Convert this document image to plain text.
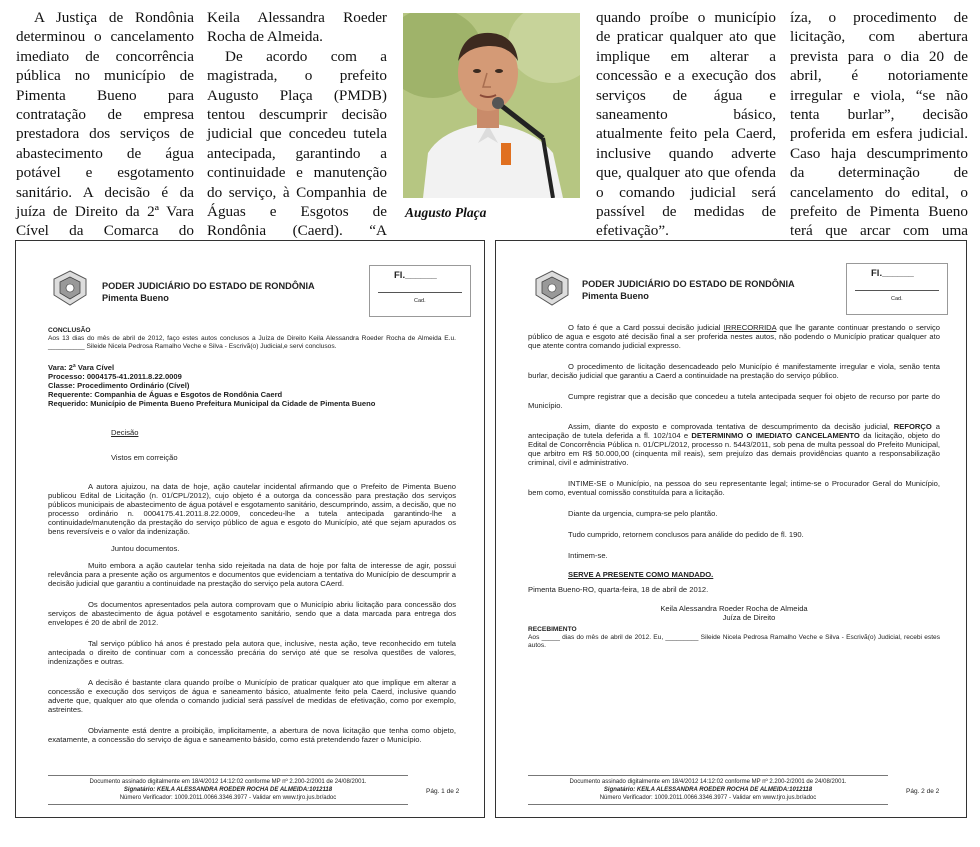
A Justiça de Rondônia determinou o cancelamento imediato de concorrência pública no município de Pimenta Bueno para contratação de empresa prestadora dos serviços de abastecimento de água potável e esgotamento sanitário. A decisão é da juíza de Direito da 2ª Vara Cível da Comarca do

Keila Alessandra Roeder Rocha de Almeida.

De acordo com a magistrada, o prefeito Augusto Plaça (PMDB) tentou descumprir decisão judicial que concedeu tutela antecipada, garantindo a continuidade e manutenção do serviço, à Companhia de Águas e Esgotos de Rondônia (Caerd). “A

Augusto Plaça

quando proíbe o município de praticar qualquer ato que implique em alterar a concessão e a execução dos serviços de água e saneamento básico, atualmente feito pela Caerd, inclusive quando adverte que, qualquer ato que ofenda o comando judicial será passível de medidas de efetivação”.

íza, o procedimento de licitação, com abertura prevista para o dia 20 de abril, é notoriamente irregular e viola, “se não tenta burlar”, decisão proferida em esfera judicial. Caso haja descumprimento da determinação de cancelamento do edital, o prefeito de Pimenta Bueno terá que arcar com uma

PODER JUDICIÁRIO DO ESTADO DE RONDÔNIA
Pimenta Bueno
Fl.______
Cad.
CONCLUSÃO
Aos 13 dias do mês de abril de 2012, faço estes autos conclusos a Juíza de Direito Keila Alessandra Roeder Rocha de Almeida E.u. __________ Sileide Nicela Pedrosa Ramalho Veche e Silva - Escrivã(o) Judicial,e servi conclusos.
Vara: 2ª Vara Cível
Processo: 0004175-41.2011.8.22.0009
Classe: Procedimento Ordinário (Cível)
Requerente: Companhia de Águas e Esgotos de Rondônia Caerd
Requerido: Município de Pimenta Bueno Prefeitura Municipal da Cidade de Pimenta Bueno

Decisão

Vistos em correição

A autora ajuizou, na data de hoje, ação cautelar incidental afirmando que o Prefeito de Pimenta Bueno publicou Edital de Licitação (n. 01/CPL/2012), cujo objeto é a outorga da concessão para prestação dos serviços públicos municipais de abastecimento de água potável e esgotamento sanitário, descumprindo, assim, a decisão, que no processo ordinário n. 0004175.41.2011.8.22.0009, concedeu-lhe a tutela antecipada garantindo-lhe a continuidade/manutenção da prestação do serviço público de agua e esgoto do Município, até que sejam apurados os bens reversíveis e o valor da indenização.

Juntou documentos.

Muito embora a ação cautelar tenha sido rejeitada na data de hoje por falta de interesse de agir, possui relevância para a presente ação os argumentos e documentos que evidenciam a tentativa do Município de descumprir a decisão judicial que garantiu a continuidade na prestação do serviço pela autora CAerd.

Os documentos apresentados pela autora comprovam que o Município abriu licitação para concessão dos serviços de abastecimento de água potável e esgotamento sanitário, sendo que a data marcada para entrega dos envelopes é 20 de abril de 2012.

Tal serviço público há anos é prestado pela autora que, inclusive, nesta ação, teve reconhecido em tutela antecipada o direito de continuar com a concessão precária do serviço até que se resolva questões de valores, indenizações e outras.

A decisão é bastante clara quando proíbe o Município de praticar qualquer ato que implique em alterar a concessão e execução dos serviços de água e saneamento básico, atualmente feito pela Caerd, inclusive quando adverte que, qualquer ato que ofenda o comando judicial será passível de medidas de efetivação, como por exemplo, astreintes.

Obviamente está dentre a proibição, implicitamente, a abertura de nova licitação que tenha como objeto, exatamente, a concessão do serviço de água e saneamento básido, como está pretendendo fazer o Município.

Documento assinado digitalmente em 18/4/2012 14:12:02 conforme MP nº 2.200-2/2001 de 24/08/2001.
Signatário: KEILA ALESSANDRA ROEDER ROCHA DE ALMEIDA:1012118
Número Verificador: 1009.2011.0066.3346.3977 - Validar em www.tjro.jus.br/adoc
Pág. 1 de 2
PODER JUDICIÁRIO DO ESTADO DE RONDÔNIA
Pimenta Bueno
Fl.______
Cad.

O fato é que a Card possui decisão judicial IRRECORRIDA que lhe garante continuar prestando o serviço público de agua e esgoto até decisão final a ser proferida nestes autos, não podendo o Município praticar qualquer ato que atente contra comando judicial expresso.

O procedimento de licitação desencadeado pelo Município é manifestamente irregular e viola, senão tenta burlar, decisão judicial que garantiu a Caerd a continuidade na prestação do serviço público.

Cumpre registrar que a decisão que concedeu a tutela antecipada sequer foi objeto de recurso por parte do Município.

Assim, diante do exposto e comprovada tentativa de descumprimento da decisão judicial, REFORÇO a antecipação de tutela deferida a fl. 102/104 e DETERMINMO O IMEDIATO CANCELAMENTO da licitação, objeto do Edital de Concorrência Pública n. 01/CPL/2012, processo n. 5443/2011, sob pena de multa pessoal do Prefeito Municipal, que arbitro em R$ 50.000,00 (cinquenta mil reais), sem prejuízo das demais providências quanto a responsabilização criminal, civil e administrativo.

INTIME-SE o Município, na pessoa do seu representante legal; intime-se o Procurador Geral do Município, bem como, eventual comissão constituída para a licitação.

Diante da urgencia, cumpra-se pelo plantão.

Tudo cumprido, retornem conclusos para análide do pedido de fl. 190.

Intimem-se.

SERVE A PRESENTE COMO MANDADO.

Pimenta Bueno-RO, quarta-feira, 18 de abril de 2012.

Keila Alessandra Roeder Rocha de Almeida
Juíza de Direito
RECEBIMENTO
Aos _____ dias do mês de abril de 2012. Eu, _________ Sileide Nicela Pedrosa Ramalho Veche e Silva - Escrivã(o) Judicial, recebi estes autos.
Documento assinado digitalmente em 18/4/2012 14:12:02 conforme MP nº 2.200-2/2001 de 24/08/2001.
Signatário: KEILA ALESSANDRA ROEDER ROCHA DE ALMEIDA:1012118
Número Verificador: 1009.2011.0066.3346.3977 - Validar em www.tjro.jus.br/adoc
Pág. 2 de 2
